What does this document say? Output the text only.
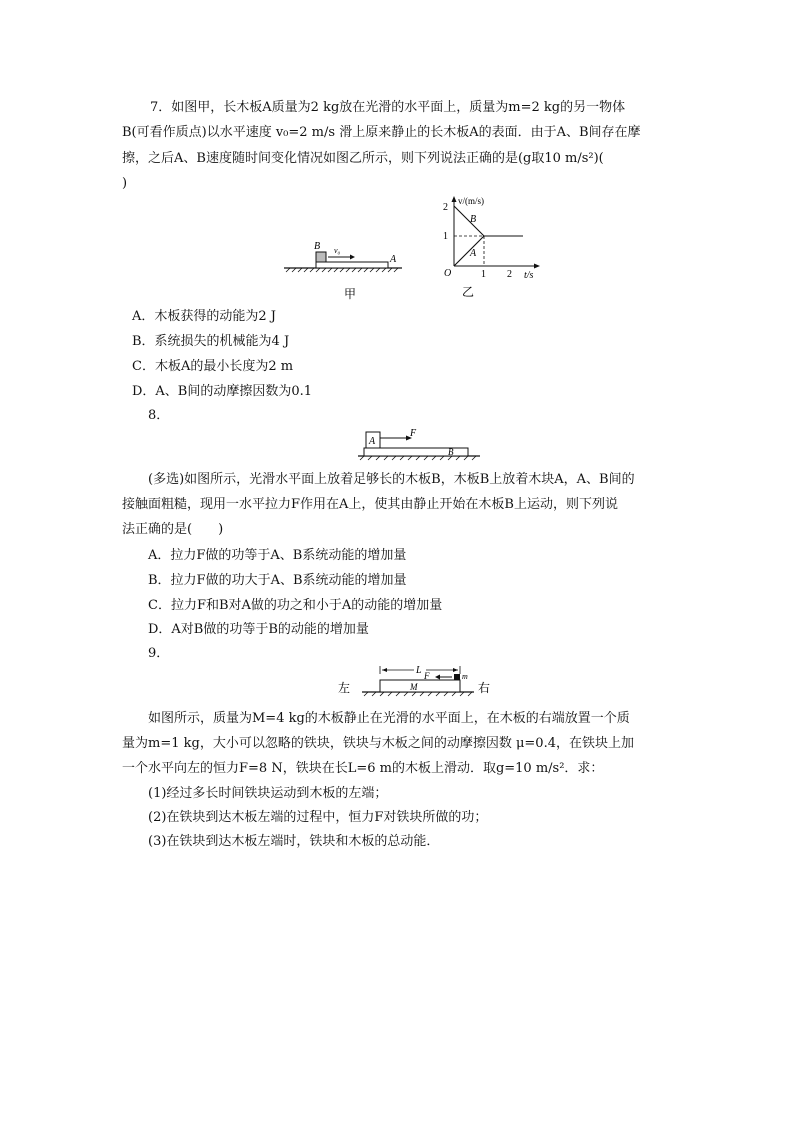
7．如图甲，长木板A质量为2 kg放在光滑的水平面上，质量为m=2 kg的另一物体
B(可看作质点)以水平速度 v₀=2 m/s 滑上原来静止的长木板A的表面．由于A、B间存在摩
擦，之后A、B速度随时间变化情况如图乙所示，则下列说法正确的是(g取10 m/s²)(
)
B v₀
A
甲
v/(m/s)
t/s
O
2
1
1 2
B
A
乙
A．木板获得的动能为2 J
B．系统损失的机械能为4 J
C．木板A的最小长度为2 m
D．A、B间的动摩擦因数为0.1
8．
A
F
B
(多选)如图所示，光滑水平面上放着足够长的木板B，木板B上放着木块A，A、B间的
接触面粗糙，现用一水平拉力F作用在A上，使其由静止开始在木板B上运动，则下列说
法正确的是(　　)
A．拉力F做的功等于A、B系统动能的增加量
B．拉力F做的功大于A、B系统动能的增加量
C．拉力F和B对A做的功之和小于A的动能的增加量
D．A对B做的功等于B的动能的增加量
9．
L F	m
M
左	右
如图所示，质量为M=4 kg的木板静止在光滑的水平面上，在木板的右端放置一个质
量为m=1 kg，大小可以忽略的铁块，铁块与木板之间的动摩擦因数 μ=0.4，在铁块上加
一个水平向左的恒力F=8 N，铁块在长L=6 m的木板上滑动．取g=10 m/s²．求：
(1)经过多长时间铁块运动到木板的左端；
(2)在铁块到达木板左端的过程中，恒力F对铁块所做的功；
(3)在铁块到达木板左端时，铁块和木板的总动能．
